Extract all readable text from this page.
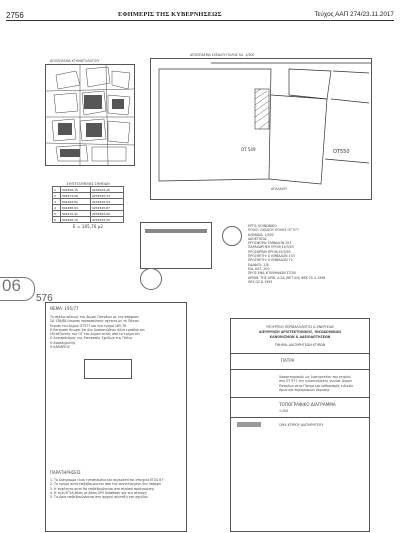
2756	ΕΦΗΜΕΡΙΣ ΤΗΣ ΚΥΒΕΡΝΗΣΕΩΣ	Τεύχος ΑΑΠ 274/23.11.2017
ΑΠΟΣΠΑΣΜΑ ΚΤΗΜΑΤΟΛΟΓΙΟΥ
ΑΠΟΣΠΑΣΜΑ ΣΧΕΔΙΟΥ ΠΟΛΗΣ ΚΛ. 1/500
ΟΤ 549	ΟΤ550
ΑΓΗΛΑΙΟΥ
ΣΥΝΤΕΤΑΓΜΕΝΕΣ ΣΗΜΕΙΩΝ
1	302456.15	4234543.25
2	302473.06	4234525.33
3	302483.61	4234529.53
4	302488.94	4234545.87
5	302470.41	4234563.90
6	302456.15	4234543.25
Ε = 185,76 μ2	ΕΡΓΟ: ΚΟΙΝΩΝΙΚΟ
ΠΟΛΙΣ: ΣΧΕΔΙΟΥ ΠΟΛΗΣ ΟΤ 577
ΚΛΙΜΑΚΑ: 1/500
ΙΔΙΟΚΤΗΣΙΑ:
ΠΡΟΣΦΟΡΑ: ΕΜΒΑΔΟΝ 203
ΠΑΡΑΧΩΡΗΣΗ ΠΡΟΘ/15/3/93
ΠΡΟΣΩΡΙΝΗ ΠΡΟΘ/15/3/93
ΠΡΟΣΘΕΤΗ: Ο ΕΜΒΑΔΟΝ 133
ΠΡΟΣΘΕΤΗ: Ο ΕΜΒΑΔΟΝ 72
ΕΔΑΦΟΣ: 1/8
ΕΙΔ. ΚΑΤ. 200
ΠΡΟΣ ΕΝΑ ΥΠΟΨΗΦΙΩΝ ΣΤΟΙΧ
ΑΡΙΘΜ. ΤΗΣ ΑΡΙΘ. Α ΕΔ (ΘΕΤ ΚΗ) ΦΕΚ 25-4-1996
ΘΕΣ ΩΣ 8-1993
06
576
ΘΕΜΑ: 195/77
Το σχέδιο πόλεως του Δήμου Πατρέων με την απόφαση
ΣΑ 138/88 έγκριση τροποποίησης σχετικά με τη Πάτρα
Ευρισκ του Δήμου ΟΤ577 και ένα τμήμα 185,76
Η Επιτροπή θεωρεί ότι δεν διαπιστώθηκε άλλο εμπόδιο και
εξετάζοντας του ΟΤ του Δήμου εκτός από το τμήμα ότι
Ο Αντιπρόεδρος της Επιτροπής Σχεδίων της Πόλης
Η Αναπληρωτής
Η ΚΑΘΑΡΙΟΣ
ΠΑΡΑΤΗΡΗΣΕΙΣ
1. Το διάγραμμα είναι εντοπισμένο και συγκροτείται στοιχεία ΕΓΣΑ 87
2. Το τμήμα αυτό επιβεβαιώνεται από την συντεταγμένη δεν υπάρχει
3. Η ταχύτητα αυτή θα επιβεβαιώνεται στο πλαίσιο προέγκρισης
4. Η τιμή ΕΓΣΑ βάση με βάση GPS διάσπαση για την περιοχή
5. Τα όρια επιβεβαιώνονται στη αρχική σύνταξη του σχεδίου
ΥΠΟΥΡΓΕΙΟ ΠΕΡΙΒΑΛΛΟΝΤΟΣ & ΕΝΕΡΓΕΙΑΣ
ΔΙΕΥΘΥΝΣΗ ΑΡΧΙΤΕΚΤΟΝΙΚΗΣ, ΟΙΚΟΔΟΜΙΚΩΝ
ΚΑΝΟΝΙΣΜΩΝ & ΑΔΕΙΟΔΟΤΗΣΕΩΝ
ΤΜΗΜΑ: ΔΙΑΤΗΡΗΤΕΩΝ ΚΤΙΡΙΩΝ
ΠΑΤΡΑ
Χαρακτηρισμός ως διατηρητέου του κτιρίου
στο ΟΤ 577 της ηλιοκεντρικής γωνίας Δήμου
Πατρέων στην Πάτρα και καθορισμός ειδικών
όρων και περιορισμών δόμησης
ΤΟΠΟΓΡΑΦΙΚΟ ΔΙΑΓΡΑΜΜΑ
1:200
ΟΡΙΑ ΚΤΙΡΙΟΥ ΔΙΑΤΗΡΗΤΕΟΥ
